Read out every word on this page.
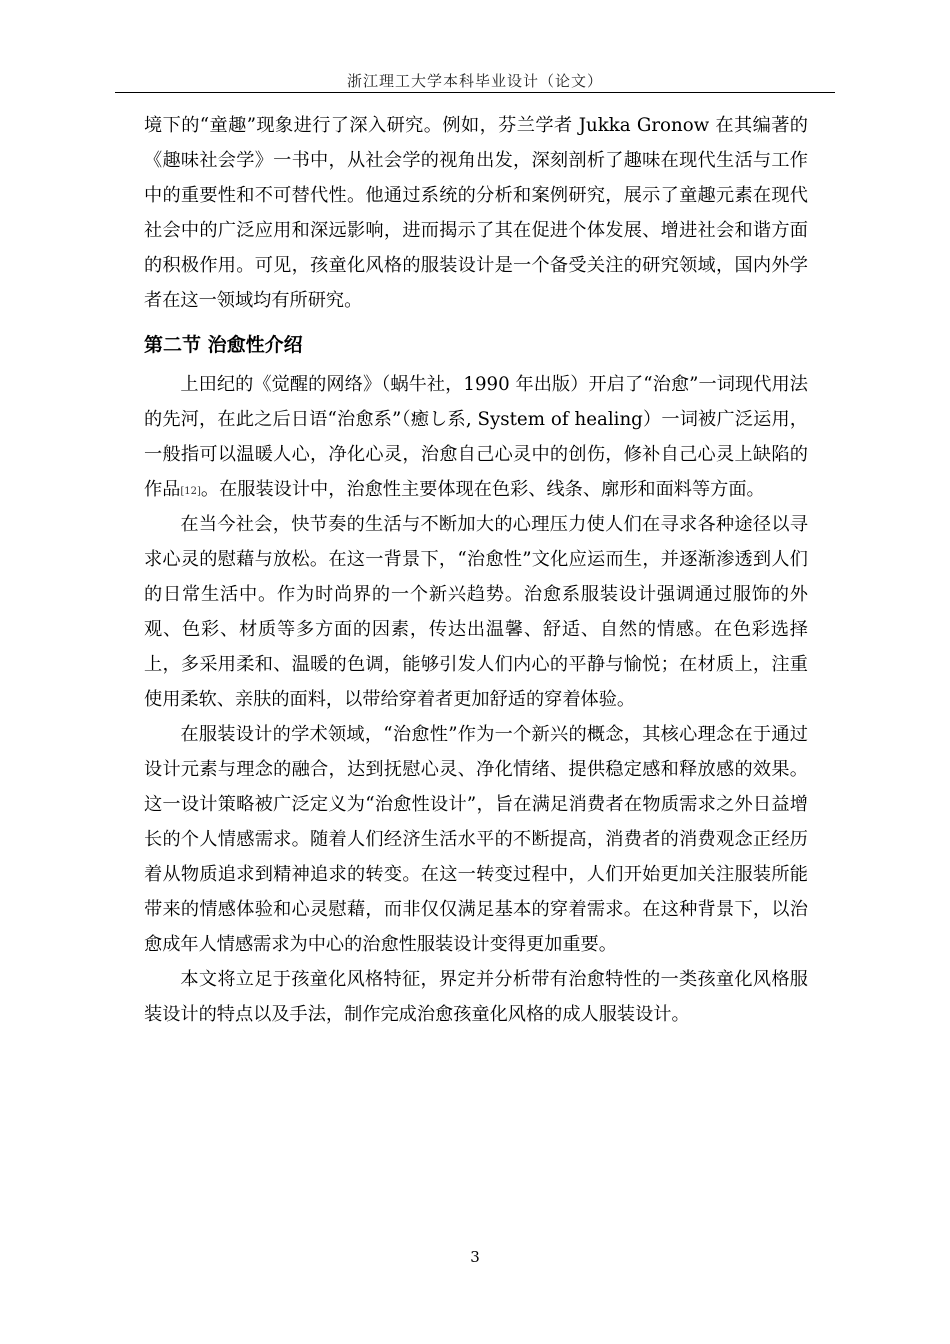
浙江理工大学本科毕业设计（论文）

境下的“童趣”现象进行了深入研究。例如，芬兰学者 Jukka Gronow 在其编著的《趣味社会学》一书中，从社会学的视角出发，深刻剖析了趣味在现代生活与工作中的重要性和不可替代性。他通过系统的分析和案例研究，展示了童趣元素在现代社会中的广泛应用和深远影响，进而揭示了其在促进个体发展、增进社会和谐方面的积极作用。可见，孩童化风格的服装设计是一个备受关注的研究领域，国内外学者在这一领域均有所研究。

第二节 治愈性介绍

上田纪的《觉醒的网络》（蜗牛社，1990 年出版）开启了“治愈”一词现代用法的先河，在此之后日语“治愈系”（癒し系, System of healing）一词被广泛运用，一般指可以温暖人心，净化心灵，治愈自己心灵中的创伤，修补自己心灵上缺陷的作品[12]。在服装设计中，治愈性主要体现在色彩、线条、廓形和面料等方面。

在当今社会，快节奏的生活与不断加大的心理压力使人们在寻求各种途径以寻求心灵的慰藉与放松。在这一背景下，“治愈性”文化应运而生，并逐渐渗透到人们的日常生活中。作为时尚界的一个新兴趋势。治愈系服装设计强调通过服饰的外观、色彩、材质等多方面的因素，传达出温馨、舒适、自然的情感。在色彩选择上，多采用柔和、温暖的色调，能够引发人们内心的平静与愉悦；在材质上，注重使用柔软、亲肤的面料，以带给穿着者更加舒适的穿着体验。

在服装设计的学术领域，“治愈性”作为一个新兴的概念，其核心理念在于通过设计元素与理念的融合，达到抚慰心灵、净化情绪、提供稳定感和释放感的效果。这一设计策略被广泛定义为“治愈性设计”，旨在满足消费者在物质需求之外日益增长的个人情感需求。随着人们经济生活水平的不断提高，消费者的消费观念正经历着从物质追求到精神追求的转变。在这一转变过程中，人们开始更加关注服装所能带来的情感体验和心灵慰藉，而非仅仅满足基本的穿着需求。在这种背景下，以治愈成年人情感需求为中心的治愈性服装设计变得更加重要。

本文将立足于孩童化风格特征，界定并分析带有治愈特性的一类孩童化风格服装设计的特点以及手法，制作完成治愈孩童化风格的成人服装设计。

3
